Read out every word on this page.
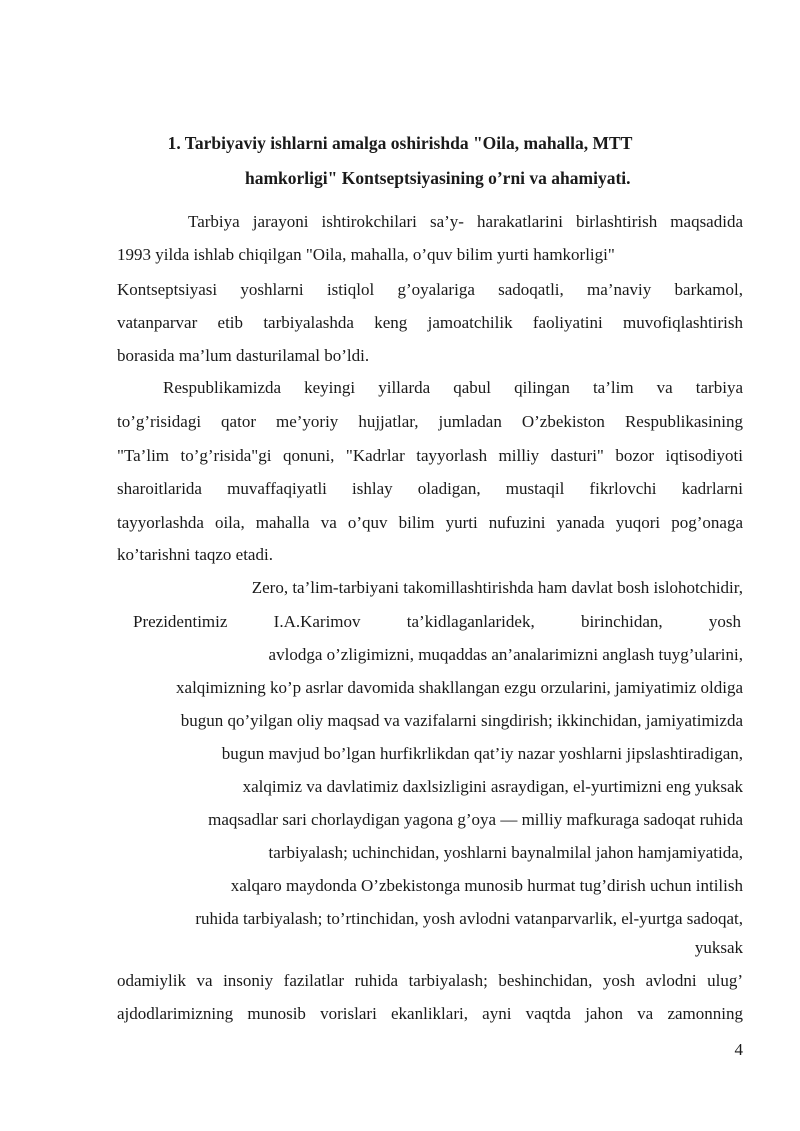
1. Tarbiyaviy ishlarni amalga oshirishda "Oila, mahalla, MTT
hamkorligi" Kontseptsiyasining o’rni va ahamiyati.

Tarbiya jarayoni ishtirokchilari sa’y- harakatlarini birlashtirish maqsadida

1993 yilda ishlab chiqilgan "Oila, mahalla, o’quv bilim yurti hamkorligi"

Kontseptsiyasi yoshlarni istiqlol g’oyalariga sadoqatli, ma’naviy barkamol,

vatanparvar etib tarbiyalashda keng jamoatchilik faoliyatini muvofiqlashtirish

borasida ma’lum dasturilamal bo’ldi.

Respublikamizda keyingi yillarda qabul qilingan ta’lim va tarbiya

to’g’risidagi qator me’yoriy hujjatlar, jumladan O’zbekiston Respublikasining

"Ta’lim to’g’risida"gi qonuni, "Kadrlar tayyorlash milliy dasturi" bozor iqtisodiyoti

sharoitlarida muvaffaqiyatli ishlay oladigan, mustaqil fikrlovchi kadrlarni

tayyorlashda oila, mahalla va o’quv bilim yurti nufuzini yanada yuqori pog’onaga

ko’tarishni taqzo etadi.

Zero, ta’lim-tarbiyani takomillashtirishda ham davlat bosh islohotchidir,

Prezidentimiz I.A.Karimov ta’kidlaganlaridek, birinchidan, yosh

avlodga o’zligimizni, muqaddas an’analarimizni anglash tuyg’ularini,

xalqimizning ko’p asrlar davomida shakllangan ezgu orzularini, jamiyatimiz oldiga

bugun qo’yilgan oliy maqsad va vazifalarni singdirish; ikkinchidan, jamiyatimizda

bugun mavjud bo’lgan hurfikrlikdan qat’iy nazar yoshlarni jipslashtiradigan,

xalqimiz va davlatimiz daxlsizligini asraydigan, el-yurtimizni eng yuksak

maqsadlar sari chorlaydigan yagona g’oya — milliy mafkuraga sadoqat ruhida

tarbiyalash; uchinchidan, yoshlarni baynalmilal jahon hamjamiyatida,

xalqaro maydonda O’zbekistonga munosib hurmat tug’dirish uchun intilish

ruhida tarbiyalash; to’rtinchidan, yosh avlodni vatanparvarlik, el-yurtga sadoqat,

yuksak

odamiylik va insoniy fazilatlar ruhida tarbiyalash; beshinchidan, yosh avlodni ulug’

ajdodlarimizning munosib vorislari ekanliklari, ayni vaqtda jahon va zamonning

4
